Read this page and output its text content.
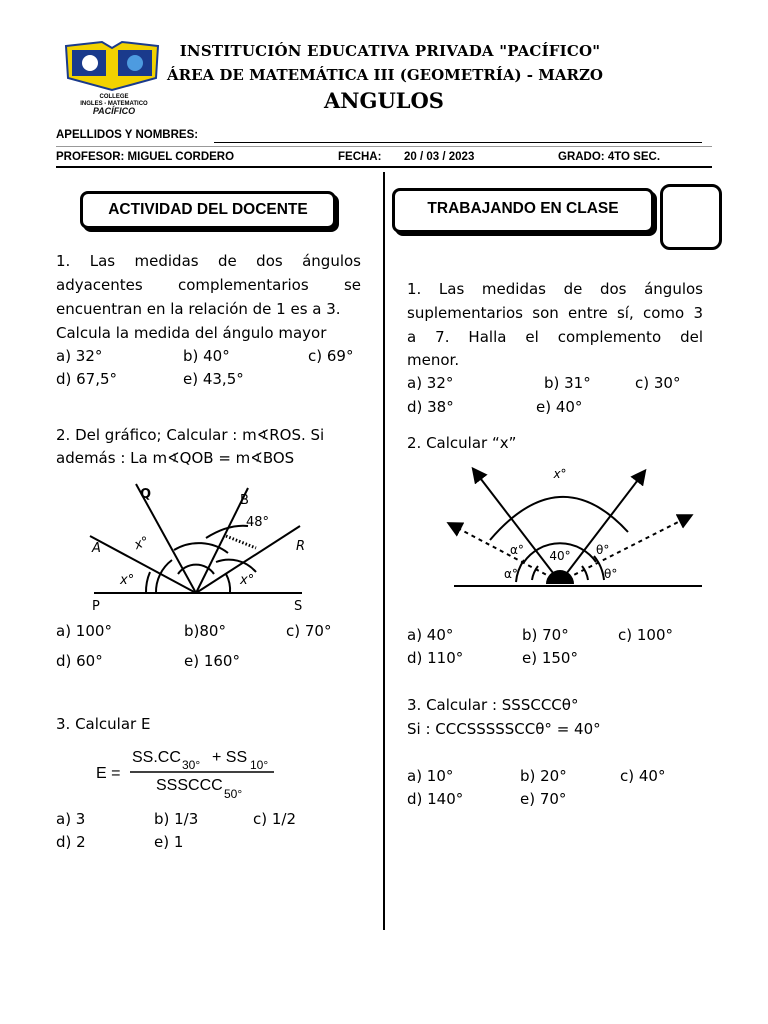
COLLEGE
INGLES - MATEMATICO
PACÍFICO
INSTITUCIÓN EDUCATIVA PRIVADA "PACÍFICO"
ÁREA DE MATEMÁTICA III (GEOMETRÍA) - MARZO
ANGULOS
APELLIDOS Y NOMBRES:
PROFESOR: MIGUEL CORDERO	FECHA: 20 / 03 / 2023	GRADO: 4TO SEC.
ACTIVIDAD DEL DOCENTE
1. Las medidas de dos ángulos
adyacentes complementarios se
encuentran en la relación de 1 es a 3.
Calcula la medida del ángulo mayor
a) 32°	b) 40°	c) 69°
d) 67,5°	e) 43,5°
2. Del gráfico; Calcular : m∢ROS. Si
además : La m∢QOB = m∢BOS
Q	B
A	R
P	S
x°
x°	x°
48°
a) 100°	b)80°	c) 70°
d) 60°	e) 160°
3. Calcular E
E =
SS.CC 30° + SS 10°
SSSCCC 50°
a) 3	b) 1/3	c) 1/2
d) 2	e) 1
TRABAJANDO EN CLASE
1. Las medidas de dos ángulos
suplementarios son entre sí, como 3
a 7. Halla el complemento del
menor.
a) 32°	b) 31°	c) 30°
d) 38°	e) 40°
2. Calcular “x”
x°
α°
α°
40° θ°
θ°
a) 40°	b) 70°	c) 100°
d) 110°	e) 150°
3. Calcular : SSSCCCθ°
Si : CCCSSSSSCCθ° = 40°
a) 10°	b) 20°	c) 40°
d) 140°	e) 70°
